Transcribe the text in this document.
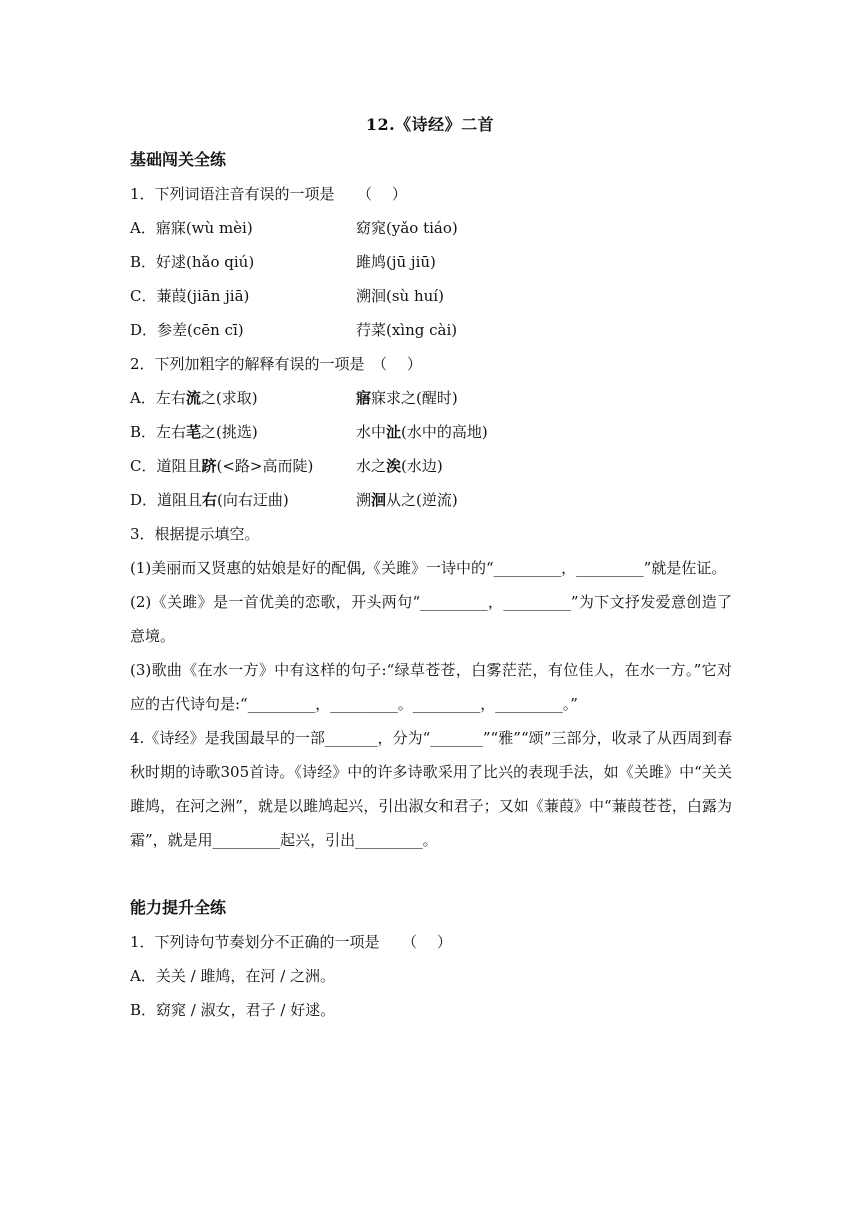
12.《诗经》二首
基础闯关全练
1．下列词语注音有误的一项是　　（　 ）
A．寤寐(wù mèi)	窈窕(yǎo tiáo)
B．好逑(hǎo qiú)	雎鸠(jū jiū)
C．蒹葭(jiān jiā)	溯洄(sù huí)
D．参差(cēn cī)	荇菜(xìng cài)
2．下列加粗字的解释有误的一项是　（　 ）
A．左右流之(求取)	寤寐求之(醒时)
B．左右芼之(挑选)	水中沚(水中的高地)
C．道阻且跻(<路>高而陡)	水之涘(水边)
D．道阻且右(向右迂曲)	溯洄从之(逆流)
3．根据提示填空。
(1)美丽而又贤惠的姑娘是好的配偶,《关雎》一诗中的“_________，_________”就是佐证。
(2)《关雎》是一首优美的恋歌，开头两句“_________，_________”为下文抒发爱意创造了意境。
(3)歌曲《在水一方》中有这样的句子:“绿草苍苍，白雾茫茫，有位佳人，在水一方。”它对应的古代诗句是:“_________，_________。_________，_________。”
4.《诗经》是我国最早的一部_______，分为“_______”“雅”“颂”三部分，收录了从西周到春秋时期的诗歌305首诗。《诗经》中的许多诗歌采用了比兴的表现手法，如《关雎》中“关关雎鸠，在河之洲”，就是以雎鸠起兴，引出淑女和君子；又如《蒹葭》中“蒹葭苍苍，白露为霜”，就是用_________起兴，引出_________。
能力提升全练
1．下列诗句节奏划分不正确的一项是　　（　 ）
A．关关 / 雎鸠，在河 / 之洲。
B．窈窕 / 淑女，君子 / 好逑。
